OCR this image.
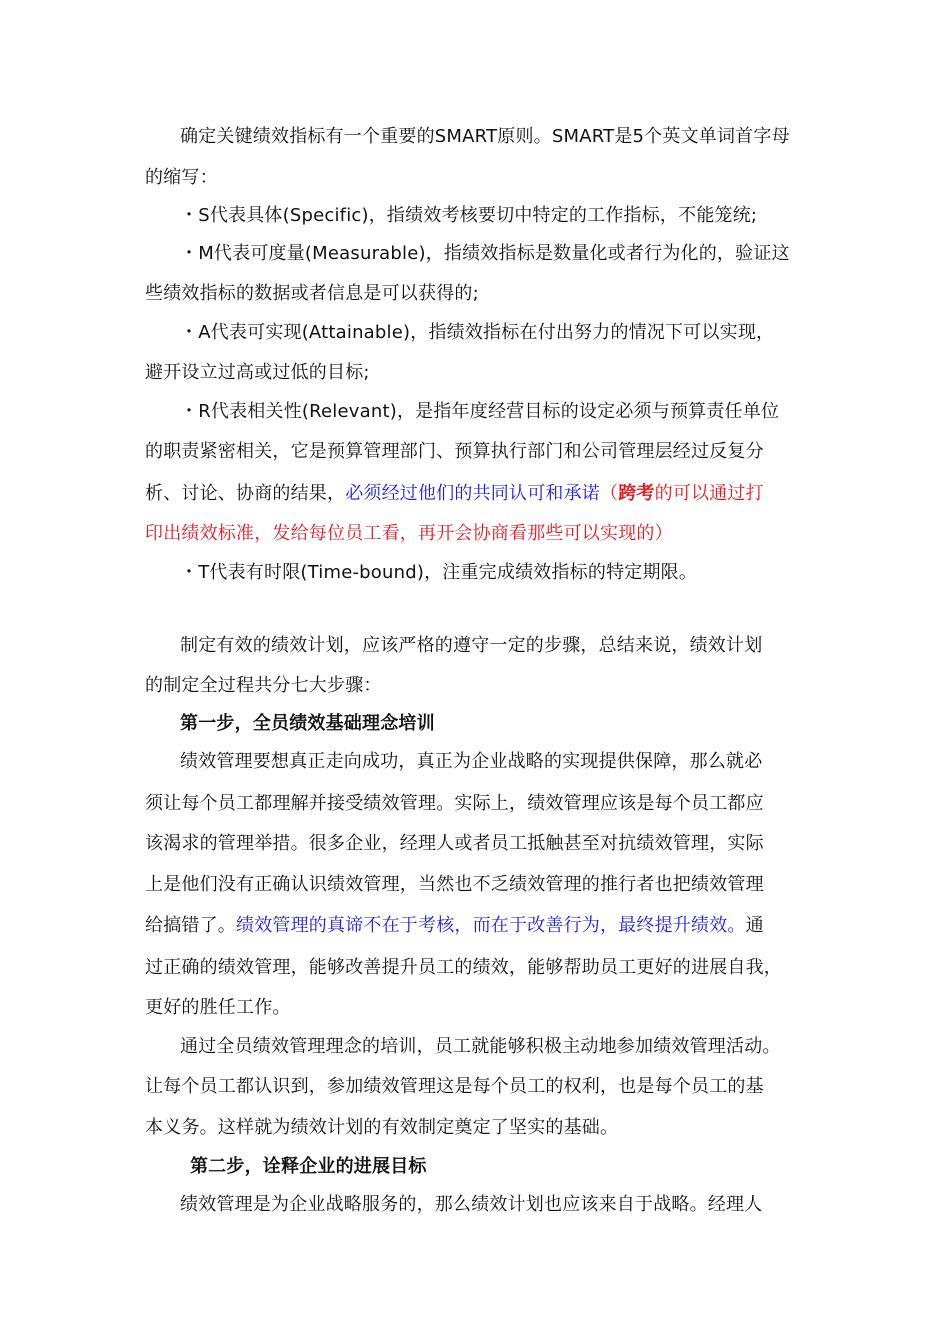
确定关键绩效指标有一个重要的SMART原则。SMART是5个英文单词首字母
的缩写：
・S代表具体(Specific)，指绩效考核要切中特定的工作指标，不能笼统;
・M代表可度量(Measurable)，指绩效指标是数量化或者行为化的，验证这
些绩效指标的数据或者信息是可以获得的;
・A代表可实现(Attainable)，指绩效指标在付出努力的情况下可以实现，
避开设立过高或过低的目标;
・R代表相关性(Relevant)，是指年度经营目标的设定必须与预算责任单位
的职责紧密相关，它是预算管理部门、预算执行部门和公司管理层经过反复分
析、讨论、协商的结果，必须经过他们的共同认可和承诺（跨考的可以通过打
印出绩效标准，发给每位员工看，再开会协商看那些可以实现的）
・T代表有时限(Time-bound)，注重完成绩效指标的特定期限。
制定有效的绩效计划，应该严格的遵守一定的步骤，总结来说，绩效计划
的制定全过程共分七大步骤：
第一步，全员绩效基础理念培训
绩效管理要想真正走向成功，真正为企业战略的实现提供保障，那么就必
须让每个员工都理解并接受绩效管理。实际上，绩效管理应该是每个员工都应
该渴求的管理举措。很多企业，经理人或者员工抵触甚至对抗绩效管理，实际
上是他们没有正确认识绩效管理，当然也不乏绩效管理的推行者也把绩效管理
给搞错了。绩效管理的真谛不在于考核，而在于改善行为，最终提升绩效。通
过正确的绩效管理，能够改善提升员工的绩效，能够帮助员工更好的进展自我，
更好的胜任工作。
通过全员绩效管理理念的培训，员工就能够积极主动地参加绩效管理活动。
让每个员工都认识到，参加绩效管理这是每个员工的权利，也是每个员工的基
本义务。这样就为绩效计划的有效制定奠定了坚实的基础。
第二步，诠释企业的进展目标
绩效管理是为企业战略服务的，那么绩效计划也应该来自于战略。经理人
